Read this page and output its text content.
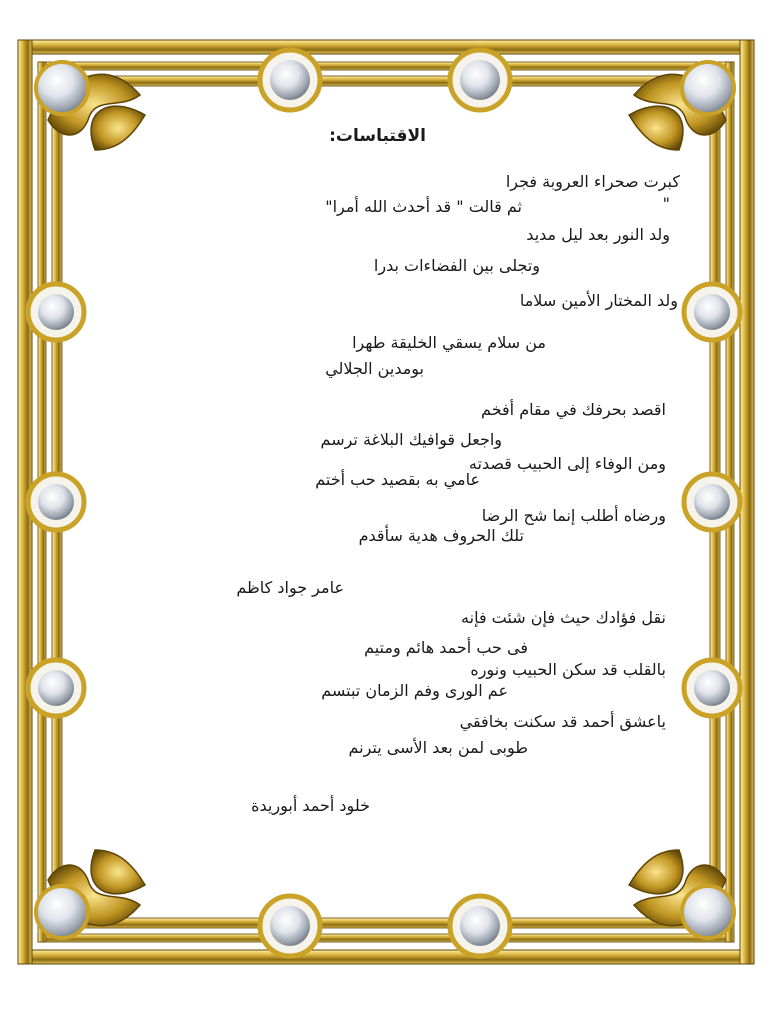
الاقتباسات:
كبرت صحراء العروبة فجرا
"
ثم قالت " قد أحدث الله أمرا"
ولد النور بعد ليل مديد
وتجلى بين الفضاءات بدرا
ولد المختار الأمين سلاما
من سلام يسقي الخليقة طهرا
بومدين الجلالي
اقصد بحرفك في مقام أفخم
واجعل قوافيك البلاغة ترسم
ومن الوفاء إلى الحبيب قصدته
عامي به بقصيد حب أختم
ورضاه أطلب إنما شح الرضا
تلك الحروف هدية سأقدم
عامر جواد كاظم
نقل فؤادك حيث فإن شئت فإنه
فى حب أحمد هائم ومتيم
بالقلب قد سكن الحبيب ونوره
عم الورى وفم الزمان تبتسم
ياعشق أحمد قد سكنت بخافقي
طوبى لمن بعد الأسى يترنم
خلود أحمد أبوريدة
